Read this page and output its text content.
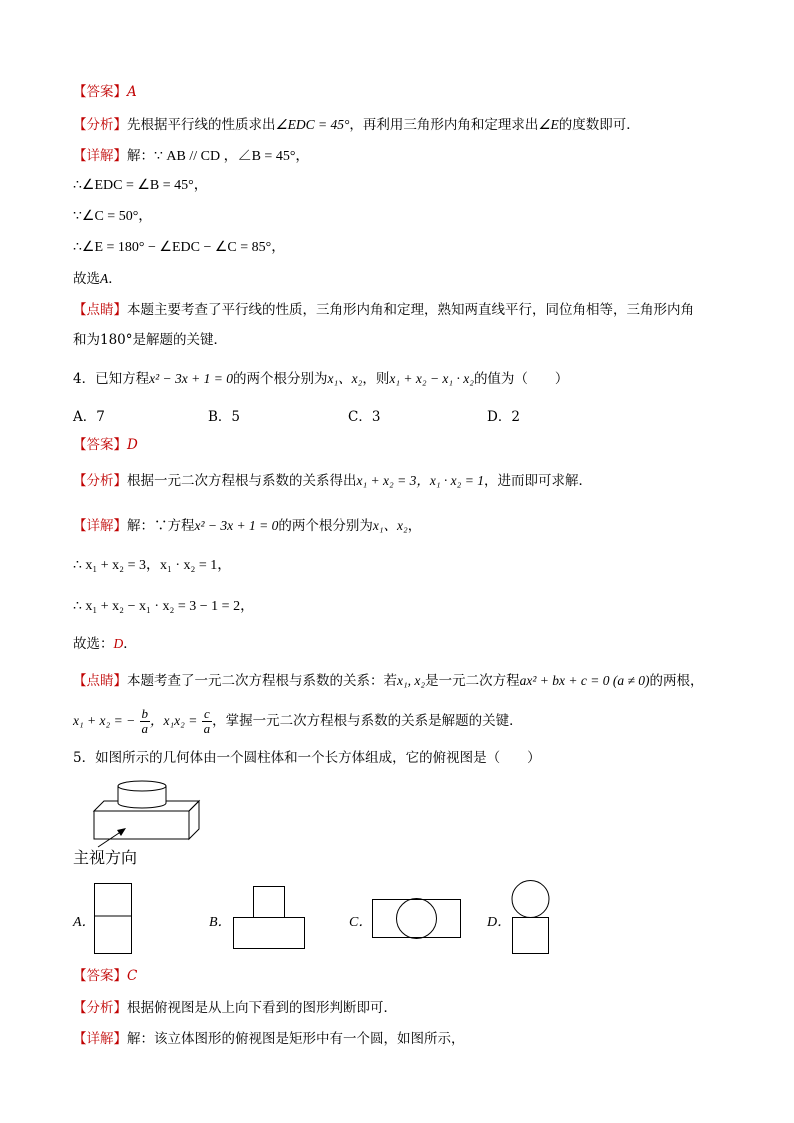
【答案】A
【分析】先根据平行线的性质求出∠EDC = 45°，再利用三角形内角和定理求出∠E的度数即可．
【详解】解：∵ AB // CD ，∠B = 45°，
∴∠EDC = ∠B = 45°，
∵∠C = 50°，
∴∠E = 180° − ∠EDC − ∠C = 85°，
故选A．
【点睛】本题主要考查了平行线的性质，三角形内角和定理，熟知两直线平行，同位角相等，三角形内角
和为180°是解题的关键．
4．已知方程x² − 3x + 1 = 0的两个根分别为x₁、x₂，则x₁ + x₂ − x₁ · x₂的值为（　　）
A．7	B．5	C．3	D．2
【答案】D
【分析】根据一元二次方程根与系数的关系得出x₁ + x₂ = 3，x₁ · x₂ = 1，进而即可求解．
【详解】解：∵方程x² − 3x + 1 = 0的两个根分别为x₁、x₂，
∴ x₁ + x₂ = 3，x₁ · x₂ = 1，
∴ x₁ + x₂ − x₁ · x₂ = 3 − 1 = 2，
故选：D．
【点睛】本题考查了一元二次方程根与系数的关系：若x₁, x₂是一元二次方程ax² + bx + c = 0 (a ≠ 0)的两根，
x₁ + x₂ = − $\frac{b}{a}$ ，$x_1x_2 = \frac{c}{a}$ ，掌握一元二次方程根与系数的关系是解题的关键．
5．如图所示的几何体由一个圆柱体和一个长方体组成，它的俯视图是（　　）
主视方向
A．	B．	C．	D．
【答案】C
【分析】根据俯视图是从上向下看到的图形判断即可．
【详解】解：该立体图形的俯视图是矩形中有一个圆，如图所示，
